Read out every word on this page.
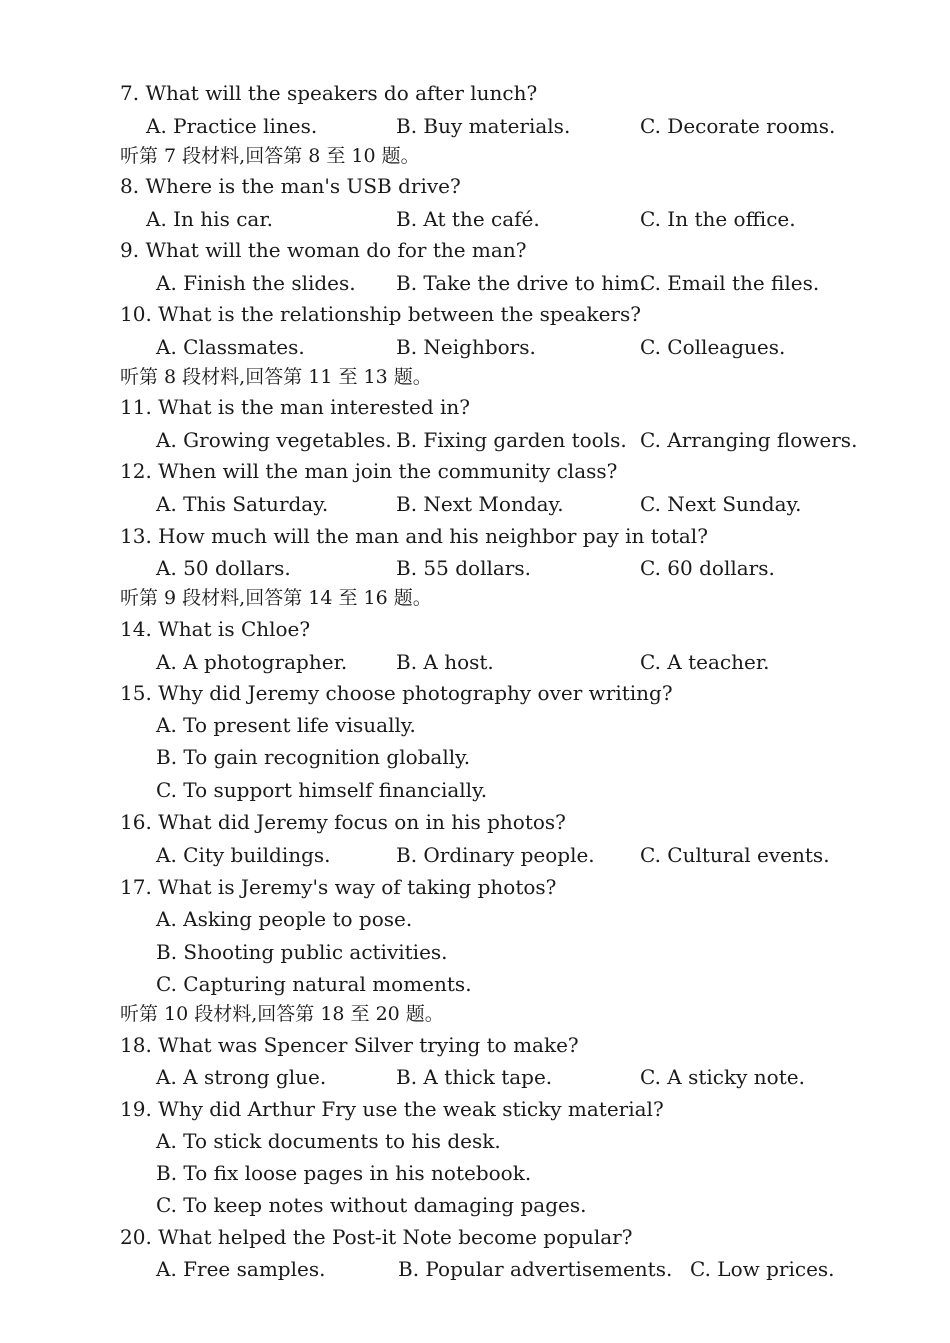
7. What will the speakers do after lunch?
A. Practice lines.	B. Buy materials.	C. Decorate rooms.
听第 7 段材料,回答第 8 至 10 题。
8. Where is the man's USB drive?
A. In his car.	B. At the café.	C. In the office.
9. What will the woman do for the man?
A. Finish the slides. B. Take the drive to him.
C. Email the files.
10. What is the relationship between the speakers?
A. Classmates.	B. Neighbors.	C. Colleagues.
听第 8 段材料,回答第 11 至 13 题。
11. What is the man interested in?
A. Growing vegetables. B. Fixing garden tools. C. Arranging flowers.
12. When will the man join the community class?
A. This Saturday.	B. Next Monday.	C. Next Sunday.
13. How much will the man and his neighbor pay in total?
A. 50 dollars.	B. 55 dollars.	C. 60 dollars.
听第 9 段材料,回答第 14 至 16 题。
14. What is Chloe?
A. A photographer. B. A host.	C. A teacher.
15. Why did Jeremy choose photography over writing?
A. To present life visually.
B. To gain recognition globally.
C. To support himself financially.
16. What did Jeremy focus on in his photos?
A. City buildings.	B. Ordinary people. C. Cultural events.
17. What is Jeremy's way of taking photos?
A. Asking people to pose.
B. Shooting public activities.
C. Capturing natural moments.
听第 10 段材料,回答第 18 至 20 题。
18. What was Spencer Silver trying to make?
A. A strong glue.	B. A thick tape.	C. A sticky note.
19. Why did Arthur Fry use the weak sticky material?
A. To stick documents to his desk.
B. To fix loose pages in his notebook.
C. To keep notes without damaging pages.
20. What helped the Post-it Note become popular?
A. Free samples.	B. Popular advertisements. C. Low prices.
